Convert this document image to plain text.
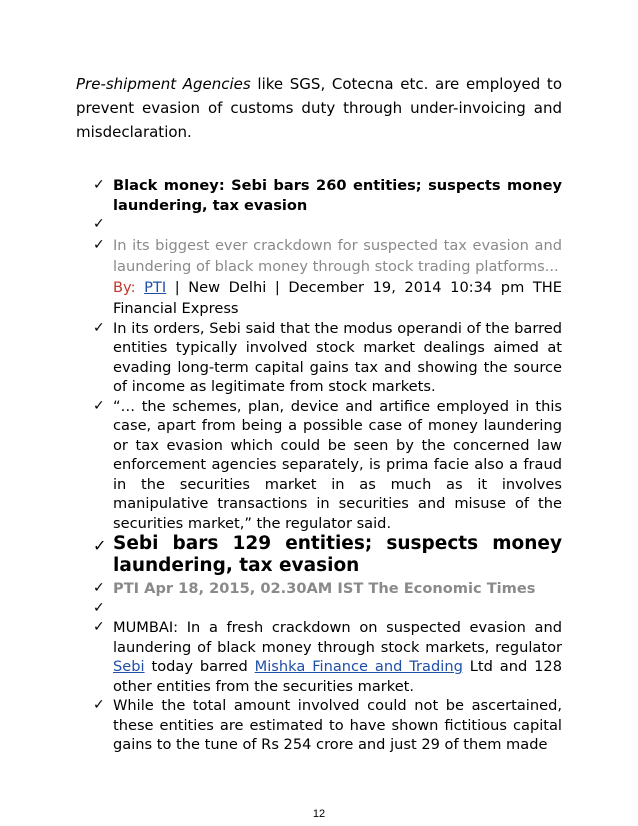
Pre-shipment Agencies like SGS, Cotecna etc. are employed to prevent evasion of customs duty through under-invoicing and misdeclaration.
✓ Black money: Sebi bars 260 entities; suspects money laundering, tax evasion
✓

✓ In its biggest ever crackdown for suspected tax evasion and laundering of black money through stock trading platforms...
By: PTI | New Delhi | December 19, 2014 10:34 pm THE Financial Express
✓ In its orders, Sebi said that the modus operandi of the barred entities typically involved stock market dealings aimed at evading long-term capital gains tax and showing the source of income as legitimate from stock markets.
✓ “… the schemes, plan, device and artifice employed in this case, apart from being a possible case of money laundering or tax evasion which could be seen by the concerned law enforcement agencies separately, is prima facie also a fraud in the securities market in as much as it involves manipulative transactions in securities and misuse of the securities market,” the regulator said.
✓ Sebi bars 129 entities; suspects money laundering, tax evasion
✓ PTI Apr 18, 2015, 02.30AM IST The Economic Times
✓

✓ MUMBAI: In a fresh crackdown on suspected evasion and laundering of black money through stock markets, regulator Sebi today barred Mishka Finance and Trading Ltd and 128 other entities from the securities market.
✓ While the total amount involved could not be ascertained, these entities are estimated to have shown fictitious capital gains to the tune of Rs 254 crore and just 29 of them made
12
